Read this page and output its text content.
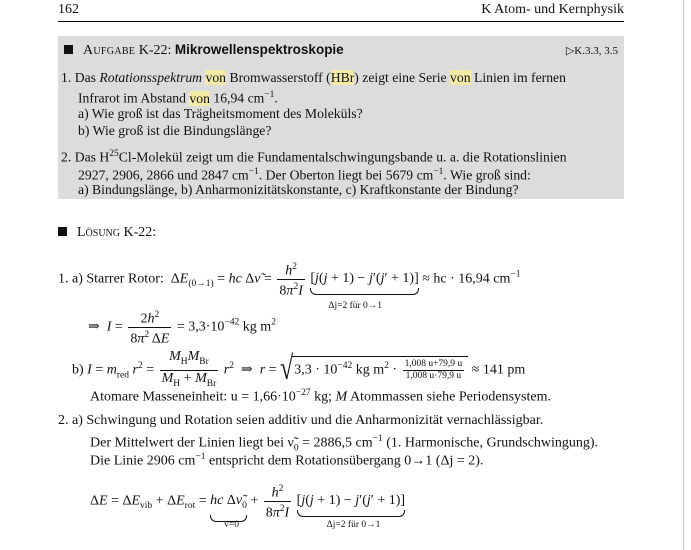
162	K Atom- und Kernphysik
Aufgabe K-22: Mikrowellenspektroskopie	▷K.3.3, 3.5
1. Das Rotationsspektrum von Bromwasserstoff (HBr) zeigt eine Serie von Linien im fernen
Infrarot im Abstand von 16,94 $cm^{-1}$.
a) Wie groß ist das Trägheitsmoment des Moleküls?
b) Wie groß ist die Bindungslänge?
2. Das $H^{25}Cl$-Molekül zeigt um die Fundamentalschwingungsbande u. a. die Rotationslinien
2927, 2906, 2866 und 2847 $cm^{-1}$. Der Oberton liegt bei 5679 $cm^{-1}$. Wie groß sind:
a) Bindungslänge, b) Anharmonizitätskonstante, c) Kraftkonstante der Bindung?
Lösung K-22:
1. a) Starrer Rotor:  $\Delta E_{(0\to 1)}$ = hc Δν̃ = $\frac{h^2}{8\pi^2I} [j(j + 1) - j'(j' + 1)]$
Δj=2 für 0→1
≈ hc · 16,94 $cm^{-1}$
⇒  $I = \frac{2h^2}{8\pi^2 \Delta E} = 3,3\cdot 10^{-42}$ kg $m^2$
b) $I = m_{red}$ $r^2 = \frac{M_HM_{Br}}{M_H + M_{Br}} r^2$  ⇒  $r = √3,3 \cdot 10^{-42}$ kg $m^2 \cdot \frac{1,008 u+79,9 u}{1,008 u\cdot 79,9 u} \approx 141$ pm
Atomare Masseneinheit: $u = 1,66\cdot 10^{-27}$ kg; M Atommassen siehe Periodensystem.
2. a) Schwingung und Rotation seien additiv und die Anharmonizität vernachlässigbar.
Der Mittelwert der Linien liegt bei $\nũ_0 = 2886,5$ $cm^{-1}$ (1. Harmonische, Grundschwingung).
Die Linie 2906 $cm^{-1}$ entspricht dem Rotationsübergang 0→1 (Δj = 2).
$\Delta E = \Delta E_{vib} + \Delta E_{rot}$ = hc $\Delta\nũ_0$
v=0
+ $\frac{h^2}{8\pi^2I} [j(j + 1) - j'(j' + 1)]$
Δj=2 für 0→1
